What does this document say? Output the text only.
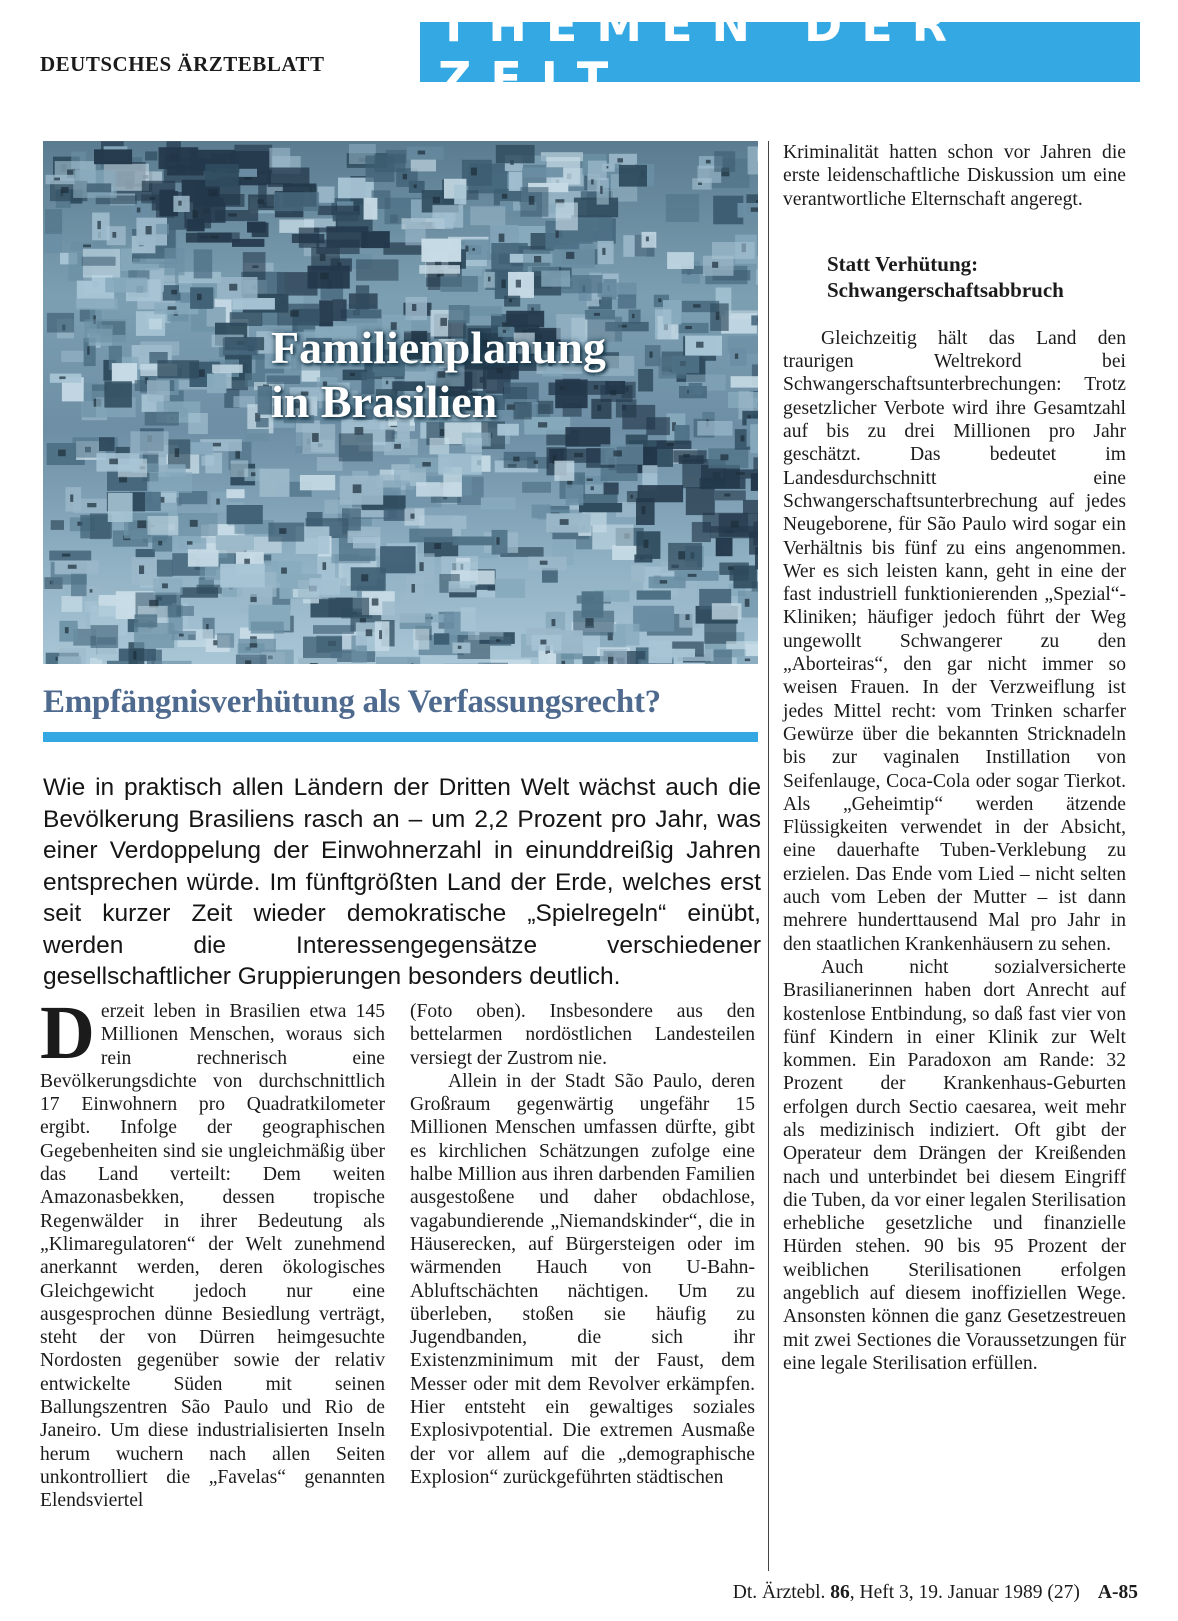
DEUTSCHES ÄRZTEBLATT
THEMEN DER ZEIT
Familienplanung
in Brasilien
Empfängnisverhütung als Verfassungsrecht?
Wie in praktisch allen Ländern der Dritten Welt wächst auch die Bevölkerung Brasiliens rasch an – um 2,2 Prozent pro Jahr, was einer Verdoppelung der Einwohnerzahl in einunddreißig Jahren entsprechen würde. Im fünftgrößten Land der Erde, welches erst seit kurzer Zeit wieder demokratische „Spielregeln“ einübt, werden die Interessengegensätze verschiedener gesellschaftlicher Gruppierungen besonders deutlich.

Derzeit leben in Brasilien etwa 145 Millionen Menschen, woraus sich rein rechnerisch eine Bevölkerungsdichte von durchschnittlich 17 Einwohnern pro Quadratkilometer ergibt. Infolge der geographischen Gegebenheiten sind sie ungleichmäßig über das Land verteilt: Dem weiten Amazonasbekken, dessen tropische Regenwälder in ihrer Bedeutung als „Klimaregulatoren“ der Welt zunehmend anerkannt werden, deren ökologisches Gleichgewicht jedoch nur eine ausgesprochen dünne Besiedlung verträgt, steht der von Dürren heimgesuchte Nordosten gegenüber sowie der relativ entwickelte Süden mit seinen Ballungszentren São Paulo und Rio de Janeiro. Um diese industrialisierten Inseln herum wuchern nach allen Seiten unkontrolliert die „Favelas“ genannten Elendsviertel

(Foto oben). Insbesondere aus den bettelarmen nordöstlichen Landesteilen versiegt der Zustrom nie.

Allein in der Stadt São Paulo, deren Großraum gegenwärtig ungefähr 15 Millionen Menschen umfassen dürfte, gibt es kirchlichen Schätzungen zufolge eine halbe Million aus ihren darbenden Familien ausgestoßene und daher obdachlose, vagabundierende „Niemandskinder“, die in Häuserecken, auf Bürgersteigen oder im wärmenden Hauch von U-Bahn-Abluftschächten nächtigen. Um zu überleben, stoßen sie häufig zu Jugendbanden, die sich ihr Existenzminimum mit der Faust, dem Messer oder mit dem Revolver erkämpfen. Hier entsteht ein gewaltiges soziales Explosivpotential. Die extremen Ausmaße der vor allem auf die „demographische Explosion“ zurückgeführten städtischen

Kriminalität hatten schon vor Jahren die erste leidenschaftliche Diskussion um eine verantwortliche Elternschaft angeregt.

Statt Verhütung:
Schwangerschaftsabbruch

Gleichzeitig hält das Land den traurigen Weltrekord bei Schwangerschaftsunterbrechungen: Trotz gesetzlicher Verbote wird ihre Gesamtzahl auf bis zu drei Millionen pro Jahr geschätzt. Das bedeutet im Landesdurchschnitt eine Schwangerschaftsunterbrechung auf jedes Neugeborene, für São Paulo wird sogar ein Verhältnis bis fünf zu eins angenommen. Wer es sich leisten kann, geht in eine der fast industriell funktionierenden „Spezial“-Kliniken; häufiger jedoch führt der Weg ungewollt Schwangerer zu den „Aborteiras“, den gar nicht immer so weisen Frauen. In der Verzweiflung ist jedes Mittel recht: vom Trinken scharfer Gewürze über die bekannten Stricknadeln bis zur vaginalen Instillation von Seifenlauge, Coca-Cola oder sogar Tierkot. Als „Geheimtip“ werden ätzende Flüssigkeiten verwendet in der Absicht, eine dauerhafte Tuben-Verklebung zu erzielen. Das Ende vom Lied – nicht selten auch vom Leben der Mutter – ist dann mehrere hunderttausend Mal pro Jahr in den staatlichen Krankenhäusern zu sehen.

Auch nicht sozialversicherte Brasilianerinnen haben dort Anrecht auf kostenlose Entbindung, so daß fast vier von fünf Kindern in einer Klinik zur Welt kommen. Ein Paradoxon am Rande: 32 Prozent der Krankenhaus-Geburten erfolgen durch Sectio caesarea, weit mehr als medizinisch indiziert. Oft gibt der Operateur dem Drängen der Kreißenden nach und unterbindet bei diesem Eingriff die Tuben, da vor einer legalen Sterilisation erhebliche gesetzliche und finanzielle Hürden stehen. 90 bis 95 Prozent der weiblichen Sterilisationen erfolgen angeblich auf diesem inoffiziellen Wege. Ansonsten können die ganz Gesetzestreuen mit zwei Sectiones die Voraussetzungen für eine legale Sterilisation erfüllen.

Dt. Ärztebl. 86, Heft 3, 19. Januar 1989 (27) A-85
